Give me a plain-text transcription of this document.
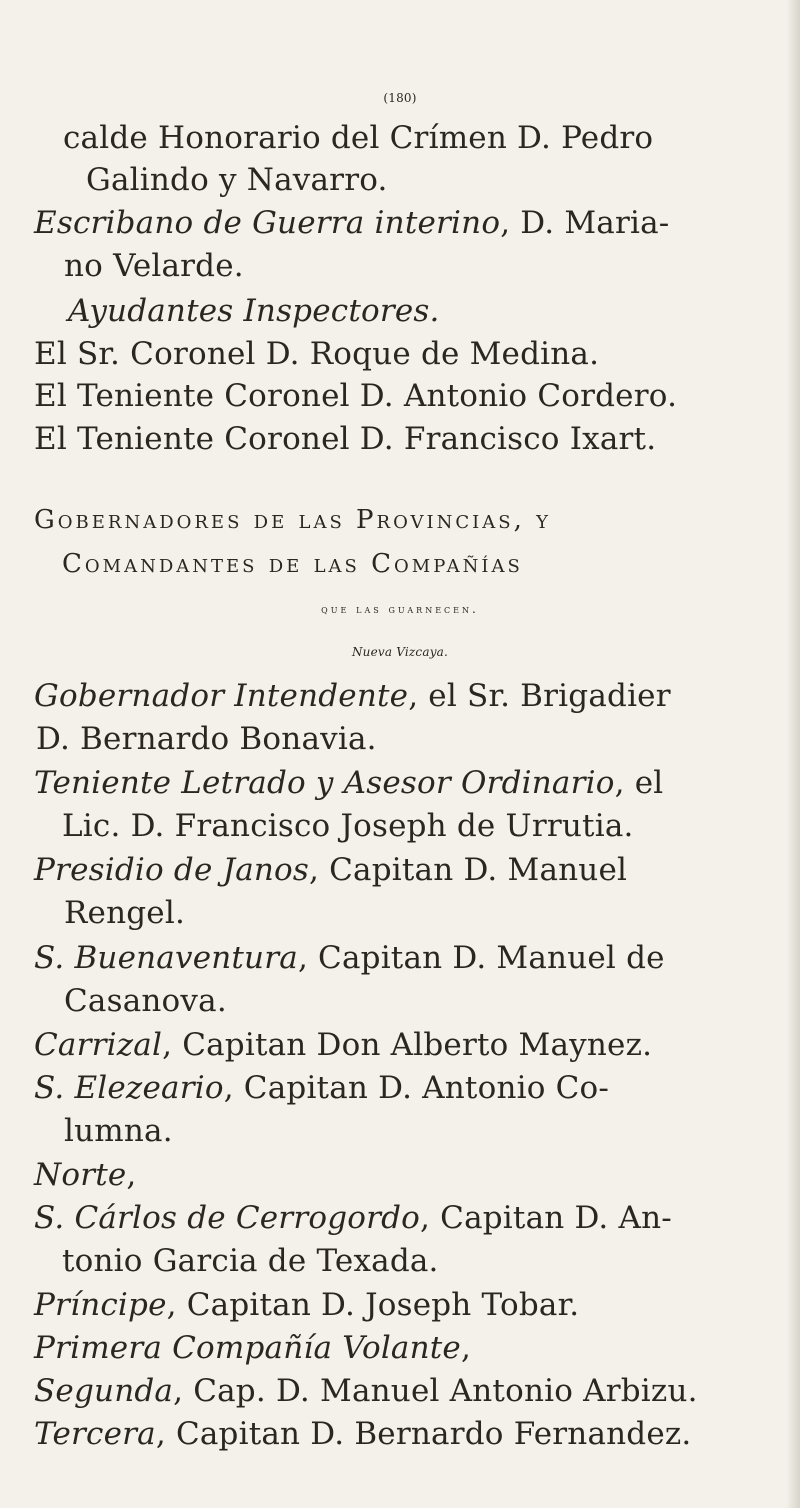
(180)
calde Honorario del Crímen D. Pedro
Galindo y Navarro.
Escribano de Guerra interino, D. Maria-
no Velarde.
Ayudantes Inspectores.
El Sr. Coronel D. Roque de Medina.
El Teniente Coronel D. Antonio Cordero.
El Teniente Coronel D. Francisco Ixart.
Gobernadores de las Provincias, y
Comandantes de las Compañías
que las guarnecen.
Nueva Vizcaya.
Gobernador Intendente, el Sr. Brigadier
D. Bernardo Bonavia.
Teniente Letrado y Asesor Ordinario, el
Lic. D. Francisco Joseph de Urrutia.
Presidio de Janos, Capitan D. Manuel
Rengel.
S. Buenaventura, Capitan D. Manuel de
Casanova.
Carrizal, Capitan Don Alberto Maynez.
S. Elezeario, Capitan D. Antonio Co-
lumna.
Norte,
S. Cárlos de Cerrogordo, Capitan D. An-
tonio Garcia de Texada.
Príncipe, Capitan D. Joseph Tobar.
Primera Compañía Volante,
Segunda, Cap. D. Manuel Antonio Arbizu.
Tercera, Capitan D. Bernardo Fernandez.
